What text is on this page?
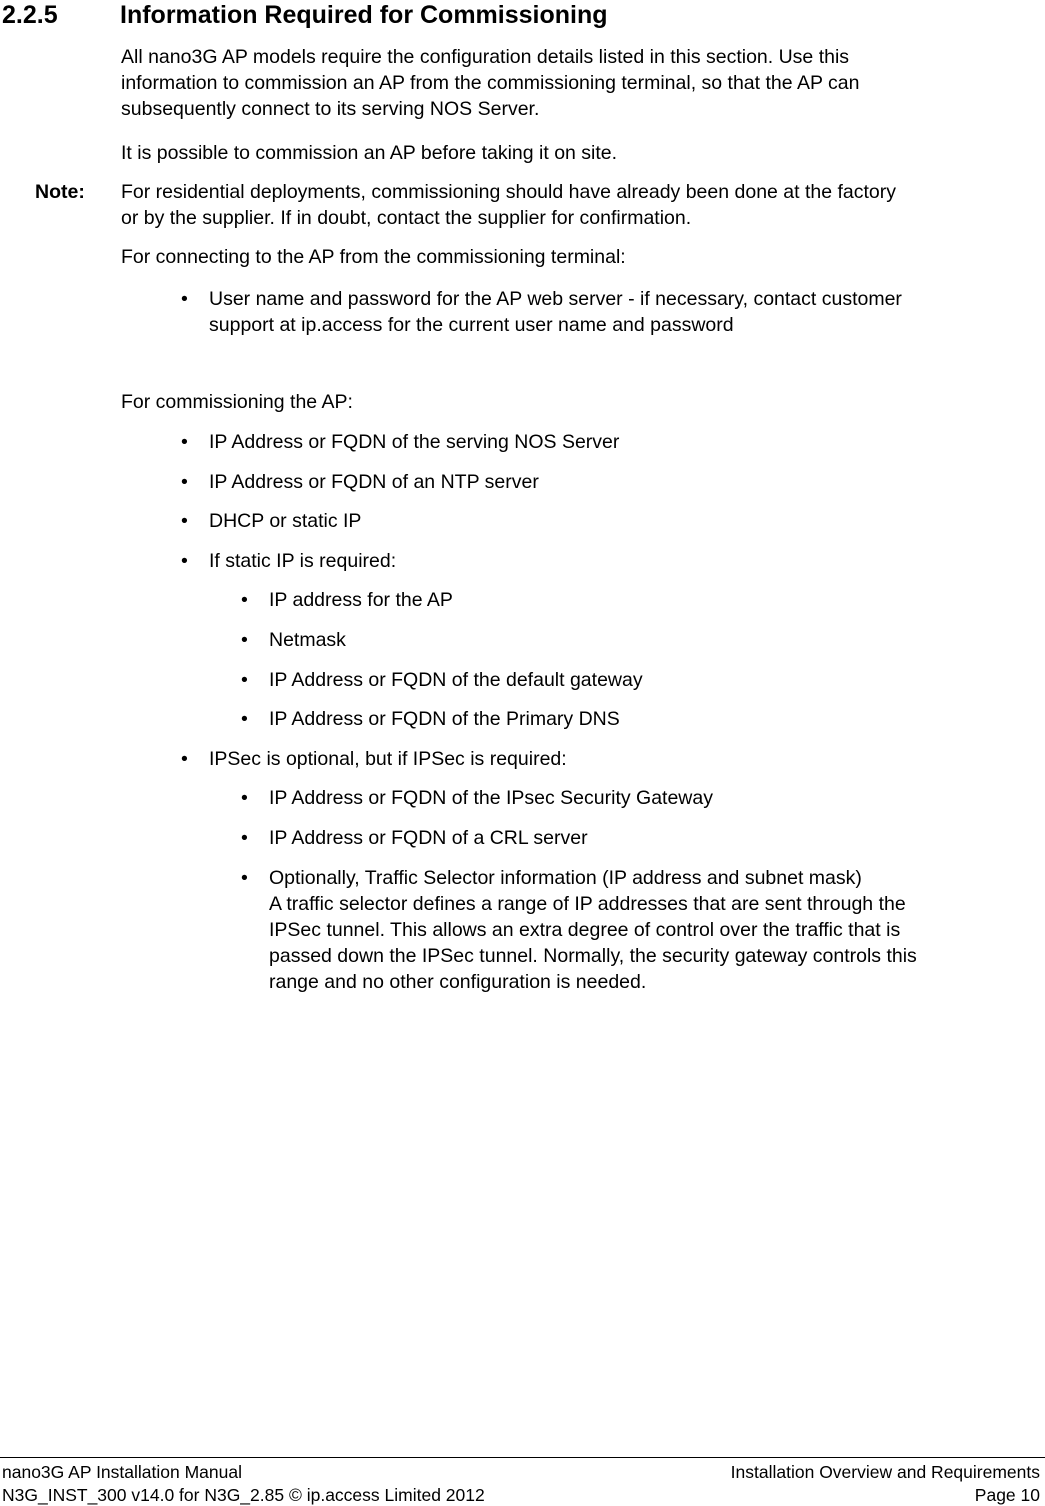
2.2.5 Information Required for Commissioning
All nano3G AP models require the configuration details listed in this section. Use this
information to commission an AP from the commissioning terminal, so that the AP can
subsequently connect to its serving NOS Server.
It is possible to commission an AP before taking it on site.
Note: For residential deployments, commissioning should have already been done at the factory
or by the supplier. If in doubt, contact the supplier for confirmation.
For connecting to the AP from the commissioning terminal:
• User name and password for the AP web server - if necessary, contact customer
support at ip.access for the current user name and password
For commissioning the AP:
• IP Address or FQDN of the serving NOS Server
• IP Address or FQDN of an NTP server
• DHCP or static IP
• If static IP is required:
• IP address for the AP
• Netmask
• IP Address or FQDN of the default gateway
• IP Address or FQDN of the Primary DNS
• IPSec is optional, but if IPSec is required:
• IP Address or FQDN of the IPsec Security Gateway
• IP Address or FQDN of a CRL server
• Optionally, Traffic Selector information (IP address and subnet mask)
A traffic selector defines a range of IP addresses that are sent through the
IPSec tunnel. This allows an extra degree of control over the traffic that is
passed down the IPSec tunnel. Normally, the security gateway controls this
range and no other configuration is needed.
nano3G AP Installation Manual
N3G_INST_300 v14.0 for N3G_2.85 © ip.access Limited 2012
Installation Overview and Requirements
Page 10
